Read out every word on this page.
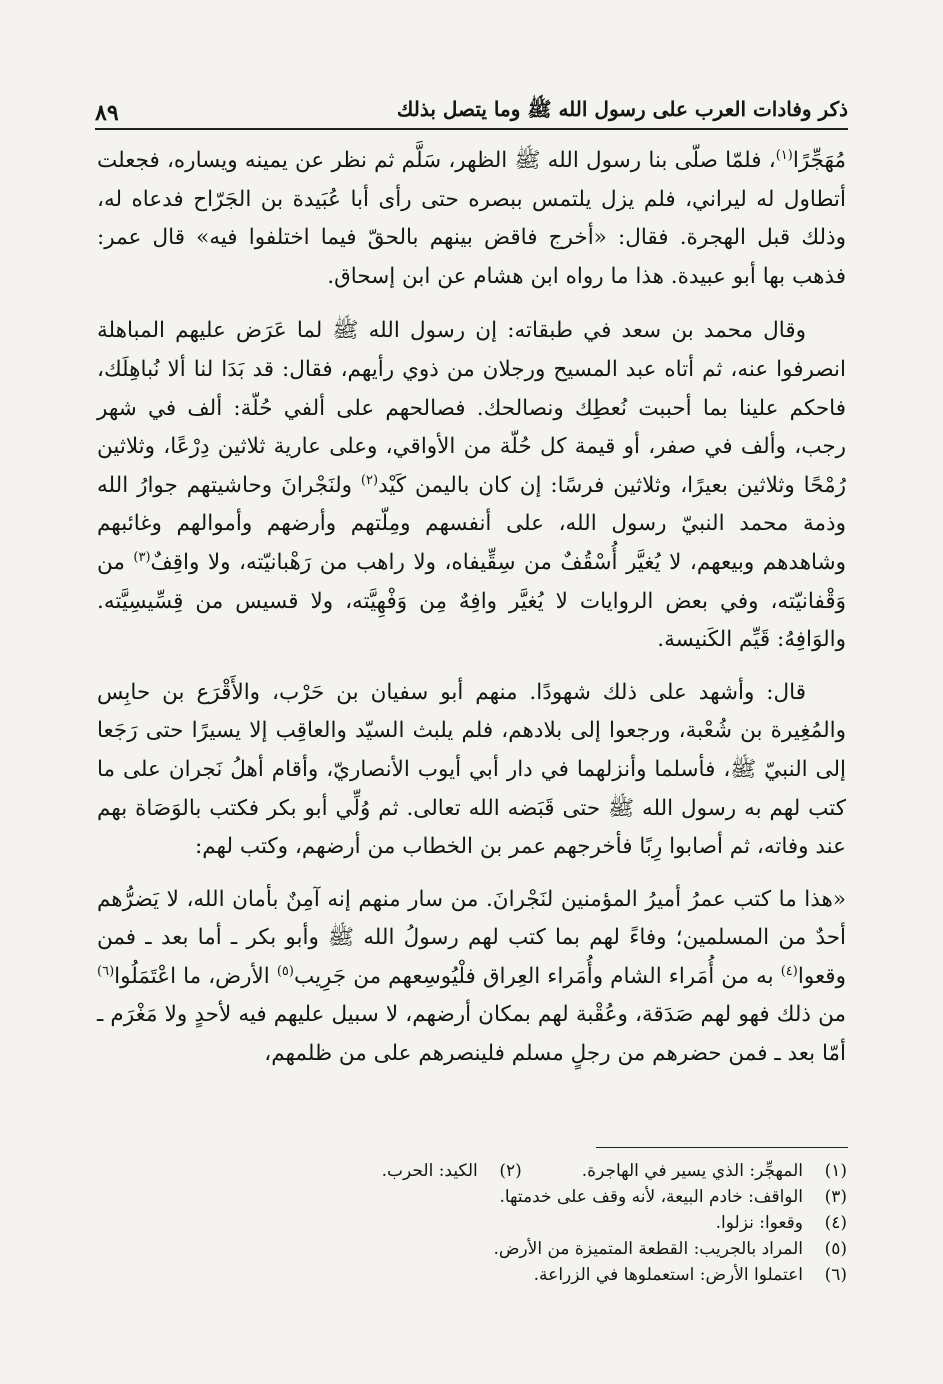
ذكر وفادات العرب على رسول الله ﷺ وما يتصل بذلك
٨٩

مُهَجِّرًا$^{(١)}$، فلمّا صلّى بنا رسول الله ﷺ الظهر، سَلَّم ثم نظر عن يمينه ويساره، فجعلت أتطاول له ليراني، فلم يزل يلتمس ببصره حتى رأى أبا عُبَيدة بن الجَرّاح فدعاه له، وذلك قبل الهجرة. فقال: «أخرج فاقض بينهم بالحقّ فيما اختلفوا فيه» قال عمر: فذهب بها أبو عبيدة. هذا ما رواه ابن هشام عن ابن إسحاق.

وقال محمد بن سعد في طبقاته: إن رسول الله ﷺ لما عَرَض عليهم المباهلة انصرفوا عنه، ثم أتاه عبد المسيح ورجلان من ذوي رأيهم، فقال: قد بَدَا لنا ألا نُباهِلَك، فاحكم علينا بما أحببت نُعطِك ونصالحك. فصالحهم على ألفي حُلّة: ألف في شهر رجب، وألف في صفر، أو قيمة كل حُلّة من الأواقي، وعلى عارية ثلاثين دِرْعًا، وثلاثين رُمْحًا وثلاثين بعيرًا، وثلاثين فرسًا: إن كان باليمن كَيْد$^{(٢)}$ ولنَجْرانَ وحاشيتهم جوارُ الله وذمة محمد النبيّ رسول الله، على أنفسهم ومِلّتهم وأرضهم وأموالهم وغائبهم وشاهدهم وبيعهم، لا يُغيَّر أُسْقُفٌ من سِقِّيفاه، ولا راهب من رَهْبانيّته، ولا واقِفٌ$^{(٣)}$ من وَقْفانيّته، وفي بعض الروايات لا يُغيَّر وافِهٌ مِن وَفْهِيَّته، ولا قسيس من قِسِّيسِيَّته. والوَافِهُ: قَيِّم الكَنيسة.

قال: وأشهد على ذلك شهودًا. منهم أبو سفيان بن حَرْب، والأَقْرَع بن حابِس والمُغِيرة بن شُعْبة، ورجعوا إلى بلادهم، فلم يلبث السيّد والعاقِب إلا يسيرًا حتى رَجَعا إلى النبيّ ﷺ، فأسلما وأنزلهما في دار أبي أيوب الأنصاريّ، وأقام أهلُ نَجران على ما كتب لهم به رسول الله ﷺ حتى قَبَضه الله تعالى. ثم وُلِّي أبو بكر فكتب بالوَصَاة بهم عند وفاته، ثم أصابوا رِبًا فأخرجهم عمر بن الخطاب من أرضهم، وكتب لهم:

«هذا ما كتب عمرُ أميرُ المؤمنين لنَجْرانَ. من سار منهم إنه آمِنٌ بأمان الله، لا يَضرُّهم أحدٌ من المسلمين؛ وفاءً لهم بما كتب لهم رسولُ الله ﷺ وأبو بكر ـ أما بعد ـ فمن وقعوا$^{(٤)}$ به من أُمَراء الشام وأُمَراء العِراق فلْيُوسِعهم من جَرِيب$^{(٥)}$ الأرض، ما اعْتَمَلُوا$^{(٦)}$ من ذلك فهو لهم صَدَقة، وعُقْبة لهم بمكان أرضهم، لا سبيل عليهم فيه لأحدٍ ولا مَغْرَم ـ أمّا بعد ـ فمن حضرهم من رجلٍ مسلم فلينصرهم على من ظلمهم،

(١)
المهجِّر: الذي يسير في الهاجرة.
(٢)
الكيد: الحرب.
(٣)
الواقف: خادم البيعة، لأنه وقف على خدمتها.
(٤)
وقعوا: نزلوا.
(٥)
المراد بالجريب: القطعة المتميزة من الأرض.
(٦)
اعتملوا الأرض: استعملوها في الزراعة.
